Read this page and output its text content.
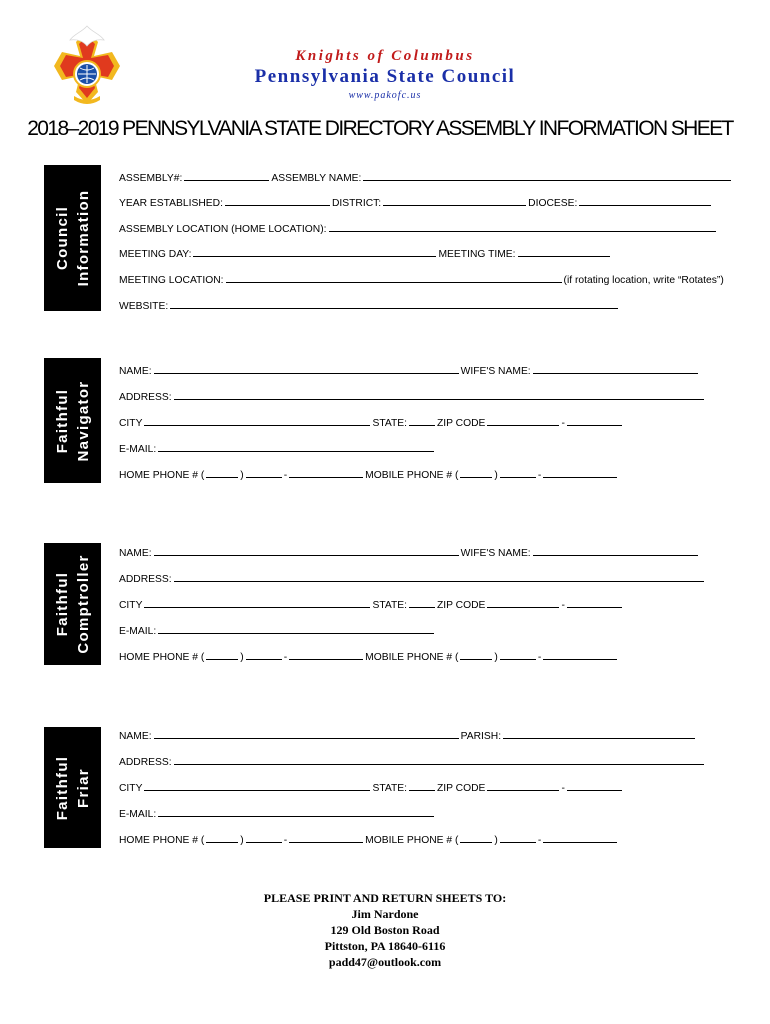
Knights of Columbus
Pennsylvania State Council
www.pakofc.us
2018–2019 PENNSYLVANIA STATE DIRECTORY ASSEMBLY INFORMATION SHEET
Council Information
ASSEMBLY#:	ASSEMBLY NAME:
YEAR ESTABLISHED:	DISTRICT:	DIOCESE:
ASSEMBLY LOCATION (HOME LOCATION):
MEETING DAY:	MEETING TIME:
MEETING LOCATION:	(if rotating location, write “Rotates”)
WEBSITE:
Faithful Navigator
NAME:	WIFE'S NAME:
ADDRESS:
CITY	STATE:	ZIP CODE	-
E-MAIL:
HOME PHONE # (	)	-	MOBILE PHONE # (	)	-
Faithful Comptroller
NAME:	WIFE'S NAME:
ADDRESS:
CITY	STATE:	ZIP CODE	-
E-MAIL:
HOME PHONE # (	)	-	MOBILE PHONE # (	)	-
Faithful Friar
NAME:	PARISH:
ADDRESS:
CITY	STATE:	ZIP CODE	-
E-MAIL:
HOME PHONE # (	)	-	MOBILE PHONE # (	)	-
PLEASE PRINT AND RETURN SHEETS TO:
Jim Nardone
129 Old Boston Road
Pittston, PA 18640-6116
padd47@outlook.com
